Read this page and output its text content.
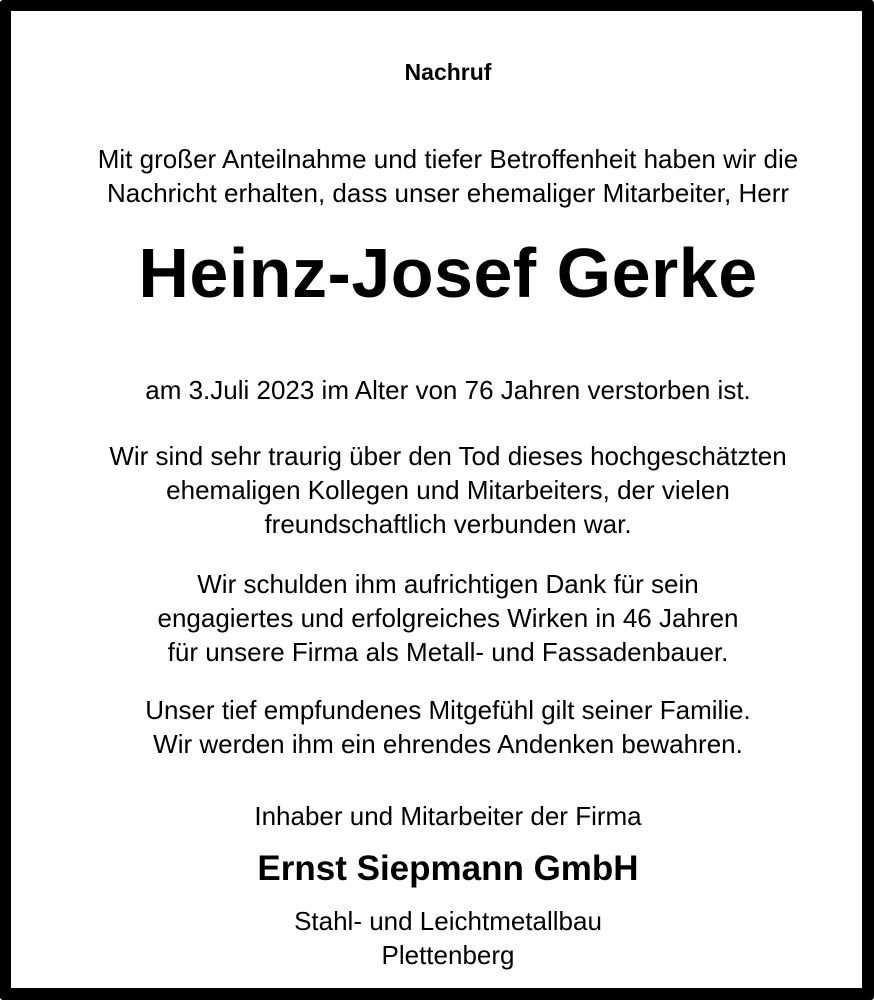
Nachruf
Mit großer Anteilnahme und tiefer Betroffenheit haben wir die
Nachricht erhalten, dass unser ehemaliger Mitarbeiter, Herr
Heinz-Josef Gerke
am 3.Juli 2023 im Alter von 76 Jahren verstorben ist.
Wir sind sehr traurig über den Tod dieses hochgeschätzten
ehemaligen Kollegen und Mitarbeiters, der vielen
freundschaftlich verbunden war.
Wir schulden ihm aufrichtigen Dank für sein
engagiertes und erfolgreiches Wirken in 46 Jahren
für unsere Firma als Metall- und Fassadenbauer.
Unser tief empfundenes Mitgefühl gilt seiner Familie.
Wir werden ihm ein ehrendes Andenken bewahren.
Inhaber und Mitarbeiter der Firma
Ernst Siepmann GmbH
Stahl- und Leichtmetallbau
Plettenberg
